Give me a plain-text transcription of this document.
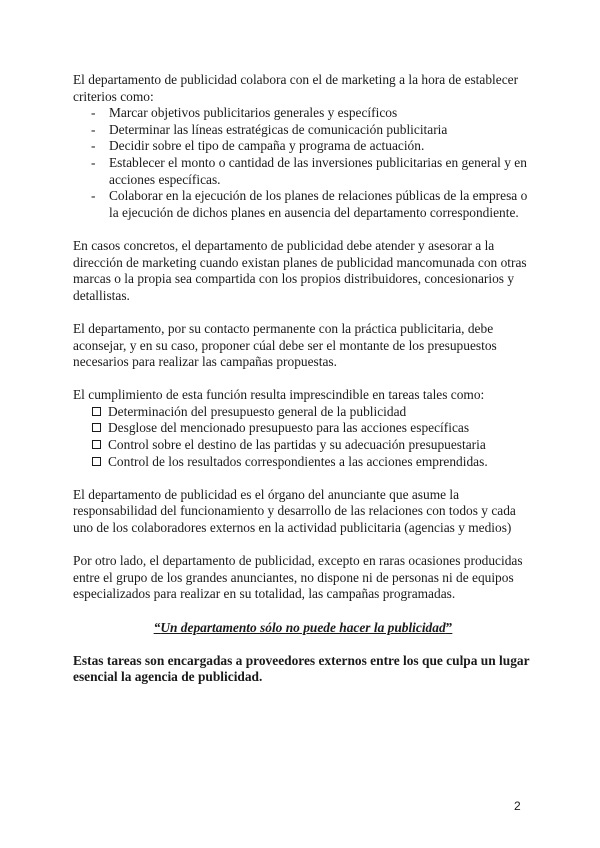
El departamento de publicidad colabora con el de marketing a la hora de establecer criterios como:

- Marcar objetivos publicitarios generales y específicos
- Determinar las líneas estratégicas de comunicación publicitaria
- Decidir sobre el tipo de campaña y programa de actuación.
- Establecer el monto o cantidad de las inversiones publicitarias en general y en acciones específicas.
- Colaborar en la ejecución de los planes de relaciones públicas de la empresa o la ejecución de dichos planes en ausencia del departamento correspondiente.

En casos concretos, el departamento de publicidad debe atender y asesorar a la dirección de marketing cuando existan planes de publicidad mancomunada con otras marcas o la propia sea compartida con los propios distribuidores, concesionarios y detallistas.

El departamento, por su contacto permanente con la práctica publicitaria, debe aconsejar, y en su caso, proponer cúal debe ser el montante de los presupuestos necesarios para realizar las campañas propuestas.

El cumplimiento de esta función resulta imprescindible en tareas tales como:

Determinación del presupuesto general de la publicidad
Desglose del mencionado presupuesto para las acciones específicas
Control sobre el destino de las partidas y su adecuación presupuestaria
Control de los resultados correspondientes a las acciones emprendidas.

El departamento de publicidad es el órgano del anunciante que asume la responsabilidad del funcionamiento y desarrollo de las relaciones con todos y cada uno de los colaboradores externos en la actividad publicitaria (agencias y medios)

Por otro lado, el departamento de publicidad, excepto en raras ocasiones producidas entre el grupo de los grandes anunciantes, no dispone ni de personas ni de equipos especializados para realizar en su totalidad, las campañas programadas.

“Un departamento sólo no puede hacer la publicidad”

Estas tareas son encargadas a proveedores externos entre los que culpa un lugar esencial la agencia de publicidad.

2
